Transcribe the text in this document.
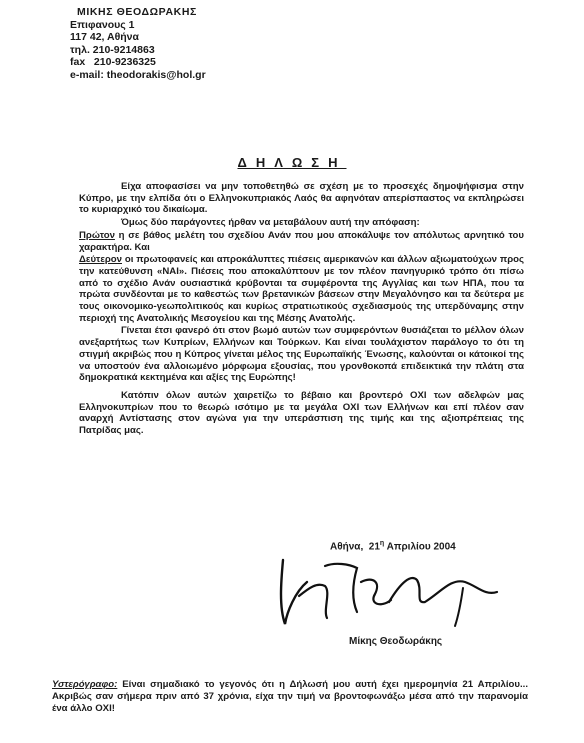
ΜΙΚΗΣ ΘΕΟΔΩΡΑΚΗΣ
Επιφανους 1
117 42, Αθήνα
τηλ. 210-9214863
fax   210-9236325
e-mail: theodorakis@hol.gr
ΔΗΛΩΣΗ

Είχα αποφασίσει να μην τοποθετηθώ σε σχέση με το προσεχές δημοψήφισμα στην Κύπρο, με την ελπίδα ότι ο Ελληνοκυπριακός Λαός θα αφηνόταν απερίσπαστος να εκπληρώσει το κυριαρχικό του δικαίωμα.

Όμως δύο παράγοντες ήρθαν να μεταβάλουν αυτή την απόφαση:

Πρώτον η σε βάθος μελέτη του σχεδίου Ανάν που μου αποκάλυψε τον απόλυτως αρνητικό του χαρακτήρα. Και

Δεύτερον οι πρωτοφανείς και απροκάλυπτες πιέσεις αμερικανών και άλλων αξιωματούχων προς την κατεύθυνση «ΝΑΙ». Πιέσεις που αποκαλύπτουν με τον πλέον πανηγυρικό τρόπο ότι πίσω από το σχέδιο Ανάν ουσιαστικά κρύβονται τα συμφέροντα της Αγγλίας και των ΗΠΑ, που τα πρώτα συνδέονται με το καθεστώς των βρετανικών βάσεων στην Μεγαλόνησο και τα δεύτερα με τους οικονομικο-γεωπολιτικούς και κυρίως στρατιωτικούς σχεδιασμούς της υπερδύναμης στην περιοχή της Ανατολικής Μεσογείου και της Μέσης Ανατολής.

Γίνεται έτσι φανερό ότι στον βωμό αυτών των συμφερόντων θυσιάζεται το μέλλον όλων ανεξαρτήτως των Κυπρίων, Ελλήνων και Τούρκων. Και είναι τουλάχιστον παράλογο το ότι τη στιγμή ακριβώς που η Κύπρος γίνεται μέλος της Ευρωπαϊκής Ένωσης, καλούνται οι κάτοικοί της να υποστούν ένα αλλοιωμένο μόρφωμα εξουσίας, που γρονθοκοπά επιδεικτικά την πλάτη στα δημοκρατικά κεκτημένα και αξίες της Ευρώπης!

Κατόπιν όλων αυτών χαιρετίζω το βέβαιο και βροντερό ΟΧΙ των αδελφών μας Ελληνοκυπρίων που το θεωρώ ισότιμο με τα μεγάλα ΟΧΙ των Ελλήνων και επί πλέον σαν αναρχή Αντίστασης στον αγώνα για την υπεράσπιση της τιμής και της αξιοπρέπειας της Πατρίδας μας.

Αθήνα,  $21^\eta$ Απριλίου 2004
Μίκης Θεοδωράκης
Υστερόγραφο: Είναι σημαδιακό το γεγονός ότι η Δήλωσή μου αυτή έχει ημερομηνία 21 Απριλίου... Ακριβώς σαν σήμερα πριν από 37 χρόνια, είχα την τιμή να βροντοφωνάξω μέσα από την παρανομία ένα άλλο ΟΧΙ!
